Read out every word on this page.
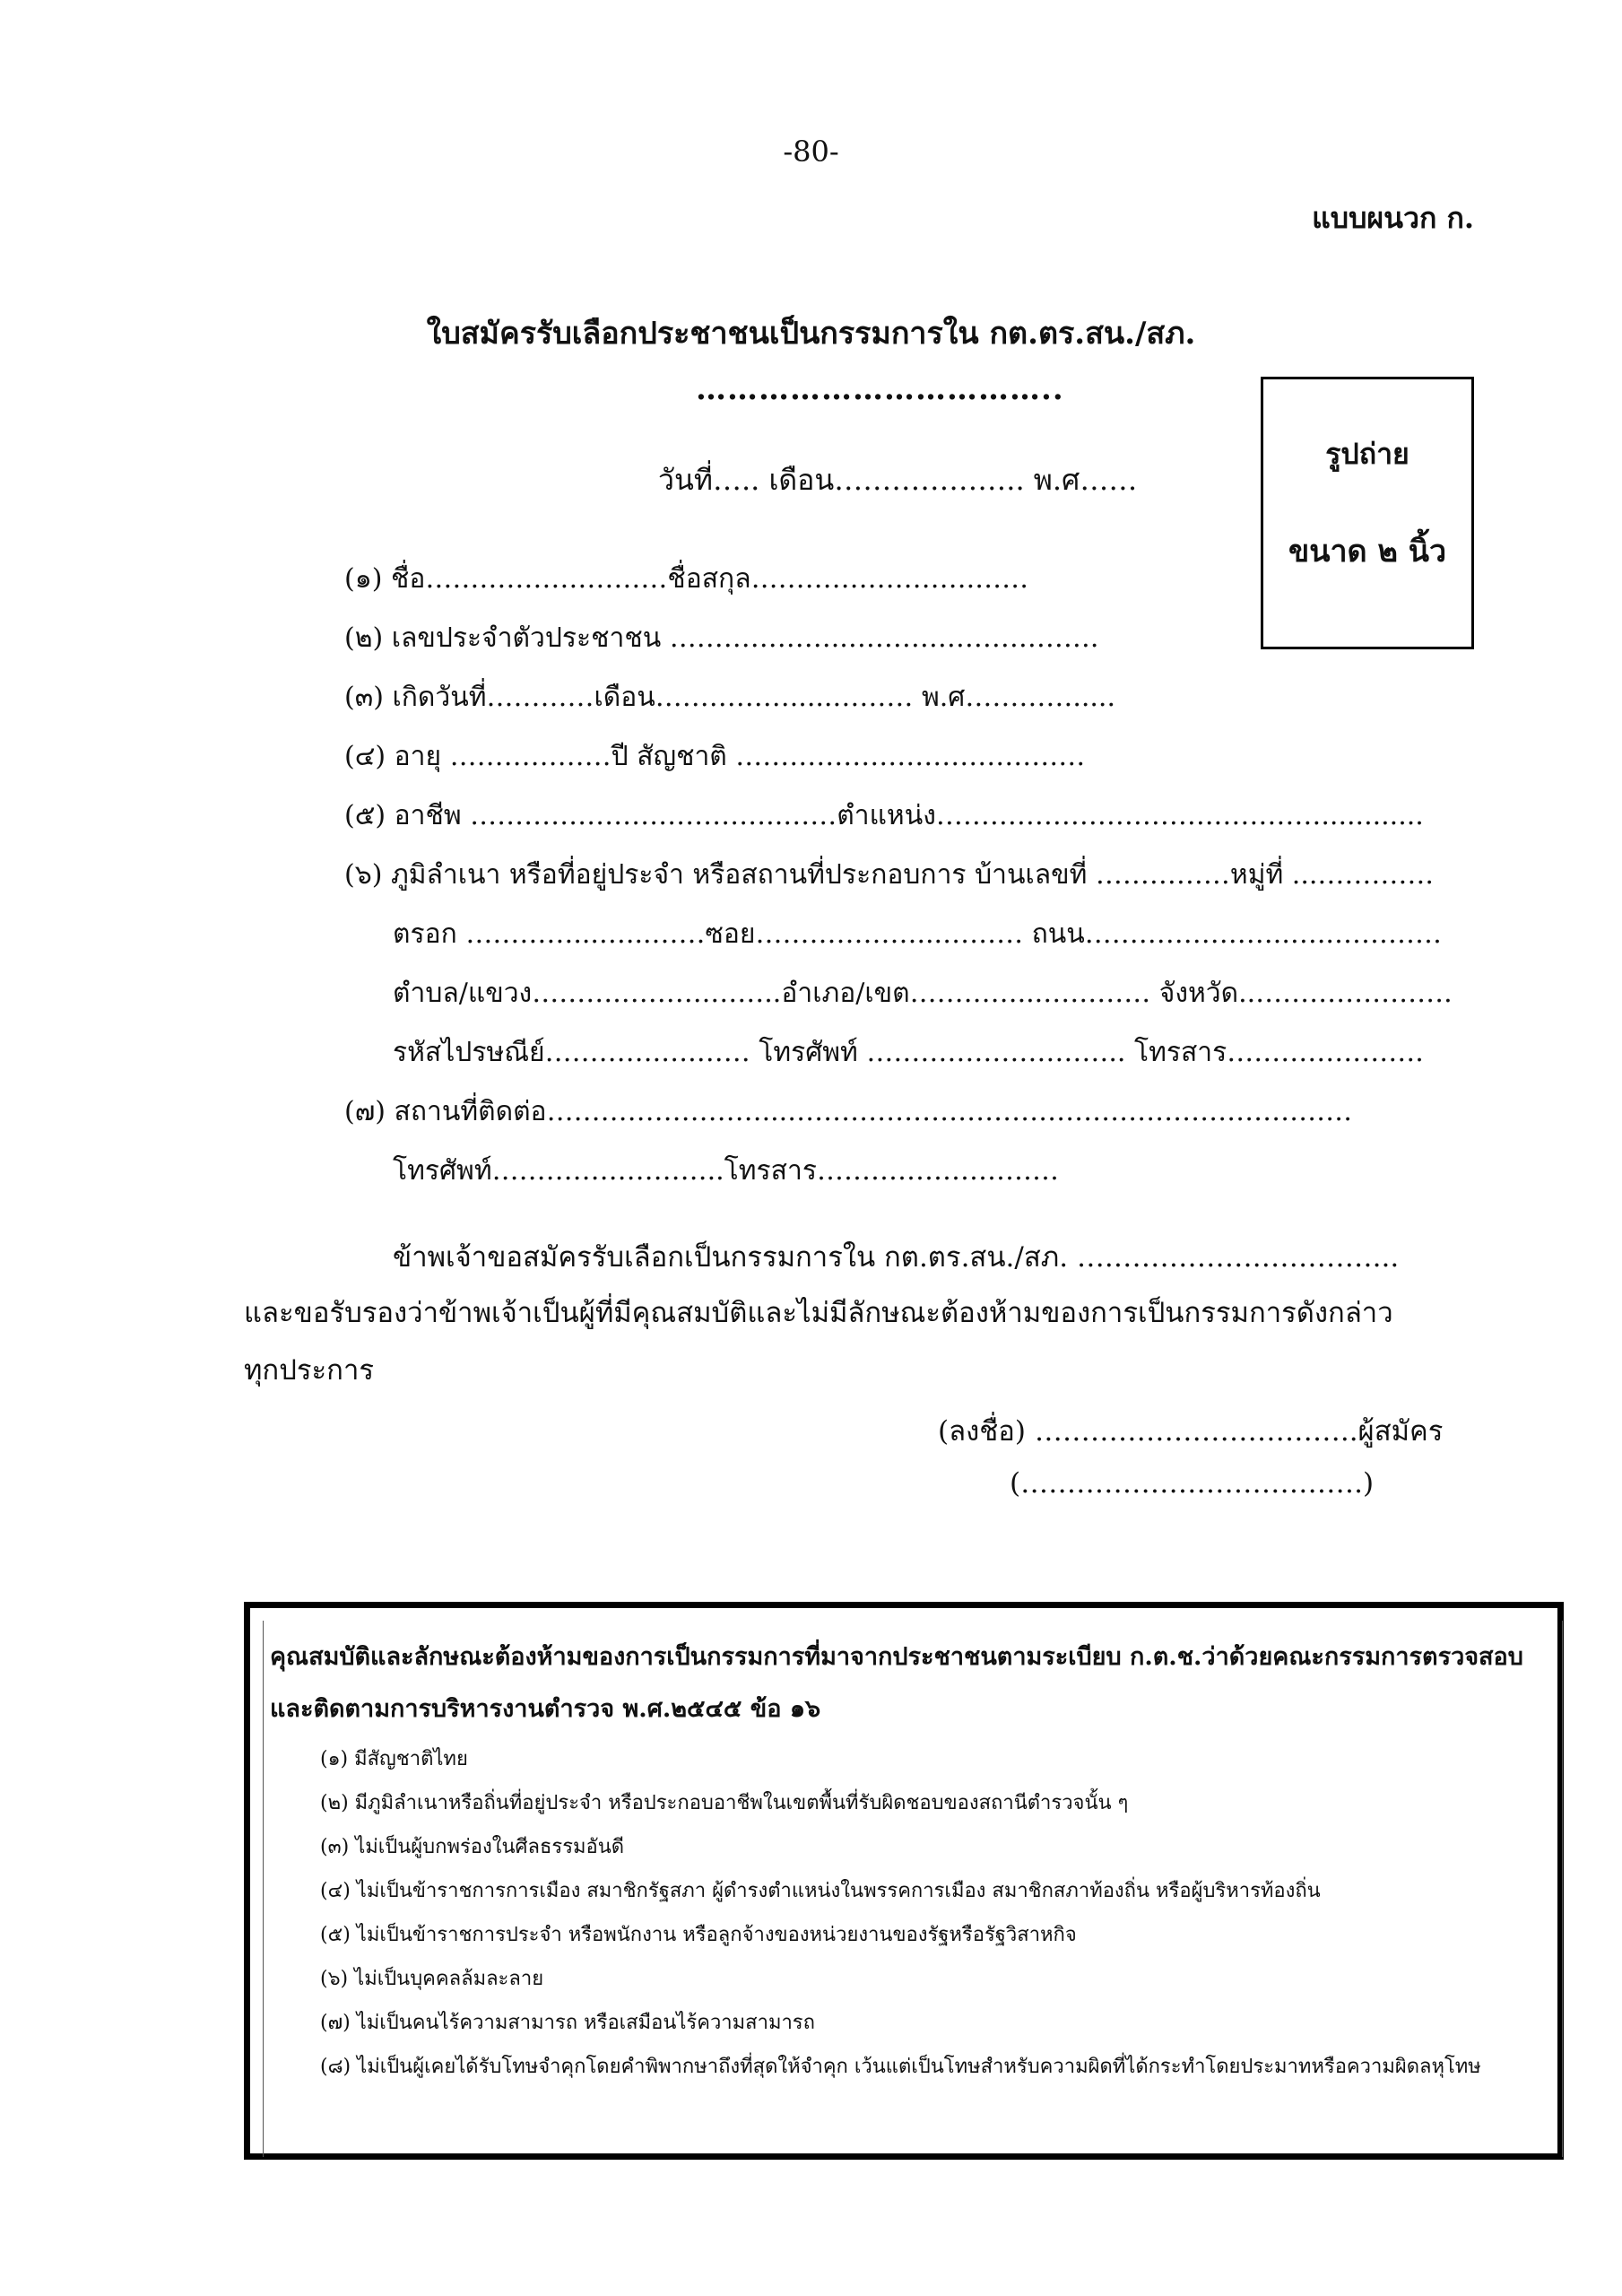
-80-
แบบผนวก ก.
ใบสมัครรับเลือกประชาชนเป็นกรรมการใน กต.ตร.สน./สภ.
……………………………..
วันที่….. เดือน……………….. พ.ศ……
รูปถ่าย
ขนาด ๒ นิ้ว
(๑) ชื่อ………………………ชื่อสกุล…………………….……
(๒) เลขประจำตัวประชาชน ………………..……………………….
(๓) เกิดวันที่…………เดือน…………….....……… พ.ศ………….....
(๔) อายุ ………………ปี สัญชาติ …………………………………
(๕) อาชีพ ……………………………..……ตำแหน่ง………………………….…………............
(๖) ภูมิลำเนา หรือที่อยู่ประจำ หรือสถานที่ประกอบการ บ้านเลขที่ ……………หมู่ที่ ...………….
ตรอก …………...…...……ซอย………………...……… ถนน…………………..…..…………
ตำบล/แขวง……….……….……..อำเภอ/เขต…………...………… จังหวัด..………………….
รหัสไปรษณีย์………….….…… โทรศัพท์ ……………………….. โทรสาร………………….
(๗) สถานที่ติดต่อ……………………...………………………………………………………
โทรศัพท์……………………..โทรสาร………………………
ข้าพเจ้าขอสมัครรับเลือกเป็นกรรมการใน กต.ตร.สน./สภ. ….…………….…………...
และขอรับรองว่าข้าพเจ้าเป็นผู้ที่มีคุณสมบัติและไม่มีลักษณะต้องห้ามของการเป็นกรรมการดังกล่าว
ทุกประการ
(ลงชื่อ) ……………………………..ผู้สมัคร
(……………………………….)
คุณสมบัติและลักษณะต้องห้ามของการเป็นกรรมการที่มาจากประชาชนตามระเบียบ ก.ต.ช.ว่าด้วยคณะกรรมการตรวจสอบ
และติดตามการบริหารงานตำรวจ พ.ศ.๒๕๔๕ ข้อ ๑๖
(๑) มีสัญชาติไทย
(๒) มีภูมิลำเนาหรือถิ่นที่อยู่ประจำ หรือประกอบอาชีพในเขตพื้นที่รับผิดชอบของสถานีตำรวจนั้น ๆ
(๓) ไม่เป็นผู้บกพร่องในศีลธรรมอันดี
(๔) ไม่เป็นข้าราชการการเมือง สมาชิกรัฐสภา ผู้ดำรงตำแหน่งในพรรคการเมือง สมาชิกสภาท้องถิ่น หรือผู้บริหารท้องถิ่น
(๕) ไม่เป็นข้าราชการประจำ หรือพนักงาน หรือลูกจ้างของหน่วยงานของรัฐหรือรัฐวิสาหกิจ
(๖) ไม่เป็นบุคคลล้มละลาย
(๗) ไม่เป็นคนไร้ความสามารถ หรือเสมือนไร้ความสามารถ
(๘) ไม่เป็นผู้เคยได้รับโทษจำคุกโดยคำพิพากษาถึงที่สุดให้จำคุก เว้นแต่เป็นโทษสำหรับความผิดที่ได้กระทำโดยประมาทหรือความผิดลหุโทษ
